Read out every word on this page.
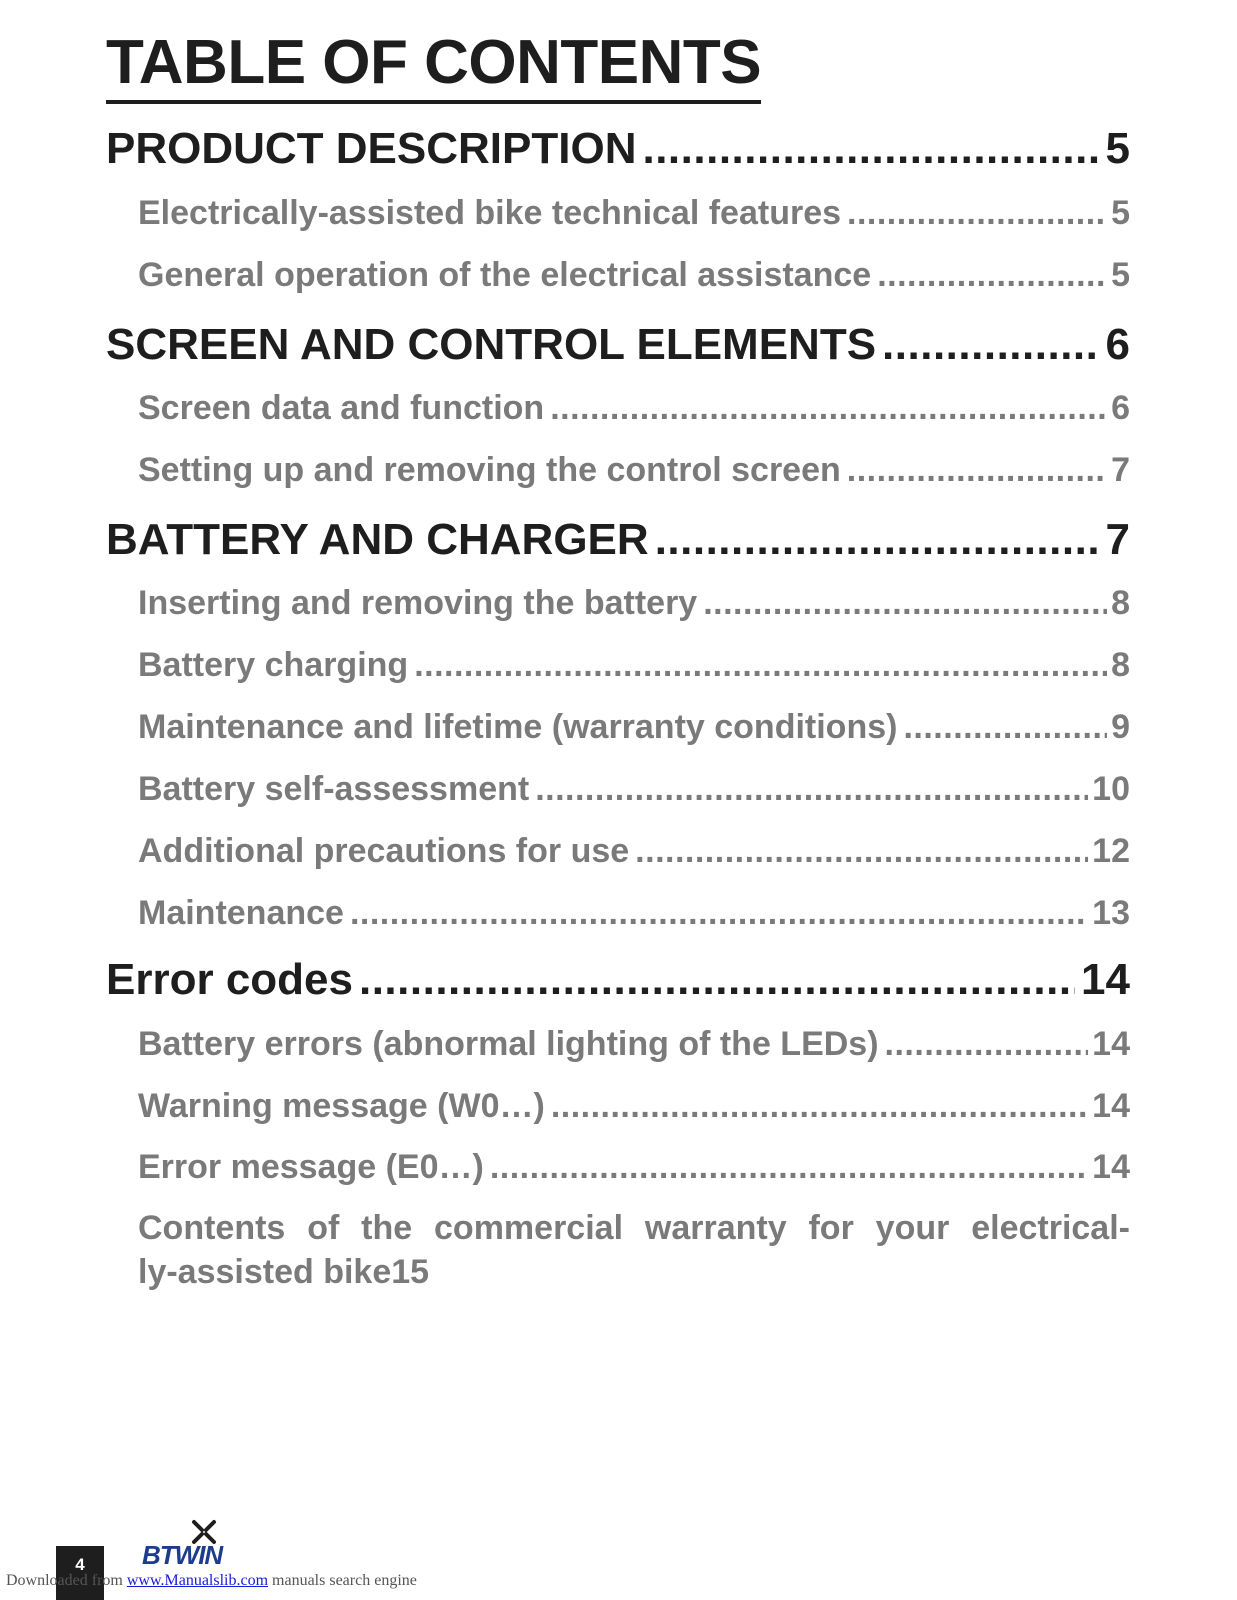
TABLE OF CONTENTS
PRODUCT DESCRIPTION .....	5
Electrically-assisted bike technical features .....	5
General operation of the electrical assistance .....	5
SCREEN AND CONTROL ELEMENTS .....	6
Screen data and function .....	6
Setting up and removing the control screen .....	7
BATTERY AND CHARGER .....	7
Inserting and removing the battery .....	8
Battery charging .....	8
Maintenance and lifetime (warranty conditions) .....	9
Battery self-assessment .....	10
Additional precautions for use .....	12
Maintenance .....	13
Error codes .....	14
Battery errors (abnormal lighting of the LEDs) .....	14
Warning message (W0…) .....	14
Error message (E0…) .....	14
Contents of the commercial warranty for your electrical-
ly-assisted bike 15
4	BTWIN
Downloaded from www.Manualslib.com manuals search engine
